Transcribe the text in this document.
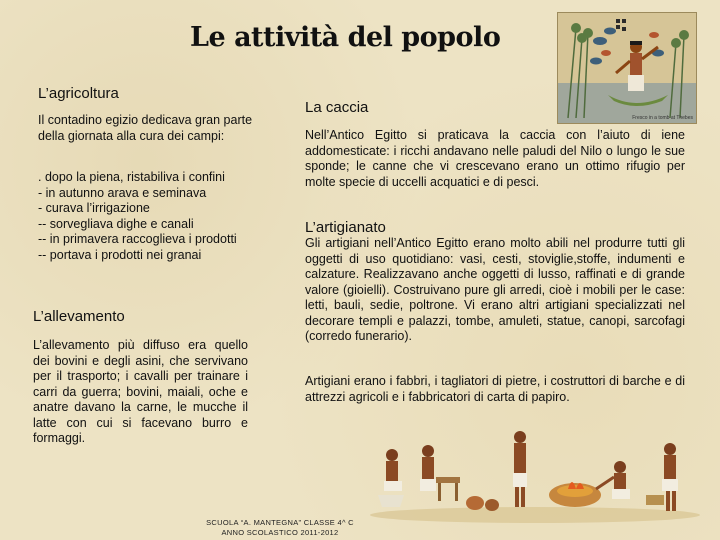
Le attività del popolo
L’agricoltura
Il contadino egizio dedicava gran parte della giornata alla cura dei campi:
. dopo la piena, ristabiliva i confini
- in autunno arava e seminava
- curava l’irrigazione
-- sorvegliava dighe e canali
-- in primavera raccoglieva i prodotti
-- portava i prodotti nei granai
L’allevamento
L’allevamento più diffuso era quello dei bovini e degli asini, che servivano per il trasporto; i cavalli per trainare i carri da guerra; bovini, maiali, oche e anatre davano la carne, le mucche il latte con cui si facevano burro e formaggi.
La caccia
Nell’Antico Egitto si praticava la caccia con l’aiuto di iene addomesticate: i ricchi andavano nelle paludi del Nilo o lungo le sue sponde; le canne che vi crescevano erano un ottimo rifugio per molte specie di uccelli acquatici e di pesci.
L’artigianato
Gli artigiani nell’Antico Egitto erano molto abili nel produrre tutti gli oggetti di uso quotidiano: vasi, cesti, stoviglie,stoffe, indumenti e calzature. Realizzavano anche oggetti di lusso, raffinati e di grande valore (gioielli). Costruivano pure gli arredi, cioè i mobili per le case: letti, bauli, sedie, poltrone. Vi erano altri artigiani specializzati nel decorare templi e palazzi, tombe, amuleti, statue, canopi, sarcofagi (corredo funerario).
Artigiani erano i fabbri, i tagliatori di pietre, i costruttori di barche e di attrezzi agricoli e i fabbricatori di carta di papiro.
Fresco in a tomb at Thebes
SCUOLA “A. MANTEGNA” CLASSE 4^ C
ANNO SCOLASTICO 2011-2012
